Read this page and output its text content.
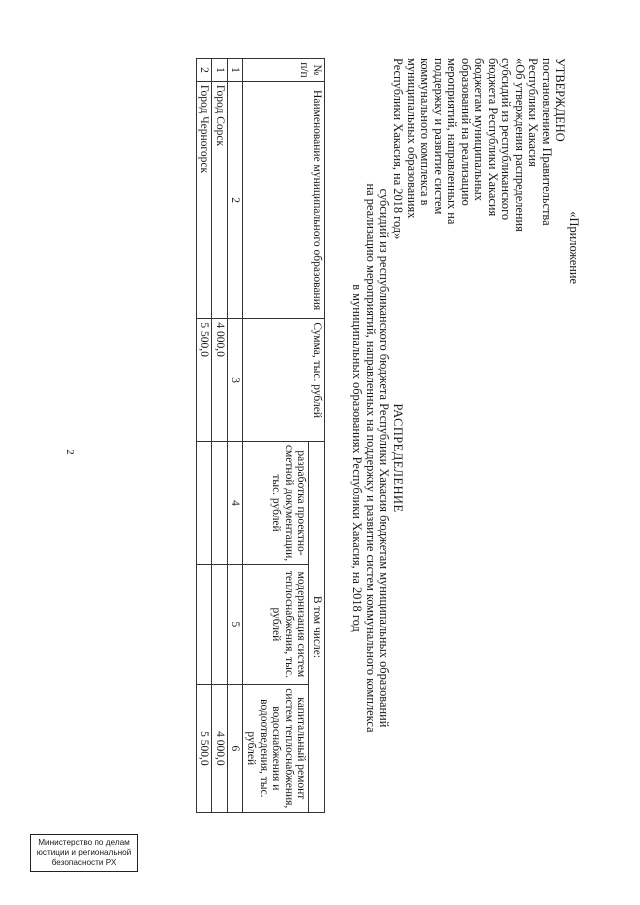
2
«Приложение
УТВЕРЖДЕНО
постановлением Правительства
Республики Хакасия
«Об утверждения распределения
субсидий из республиканского
бюджета Республики Хакасия
бюджетам муниципальных
образований на реализацию
мероприятий, направленных на
поддержку и развитие систем
коммунального комплекса в
муниципальных образованиях
Республики Хакасия, на 2018 год»
РАСПРЕДЕЛЕНИЕ
субсидий из республиканского бюджета Республики Хакасия бюджетам муниципальных образований
на реализацию мероприятий, направленных на поддержку и развитие систем коммунального комплекса
в муниципальных образованиях Республики Хакасия, на 2018 год
№ п/п	Наименование муниципального образования	Сумма, тыс. рублей	В том числе:		
			разработка проектно-сметной документации, тыс. рублей	модернизация систем теплоснабжения, тыс. рублей	капитальный ремонт систем теплоснабжения, водоснабжения и водоотведения, тыс. рублей
1	2	3	4	5	6
1	Город Сорск	4 000,0			4 000,0
2	Город Черногорск	5 500,0			5 500,0
Министерство по делам
юстиции и региональной
безопасности РХ
